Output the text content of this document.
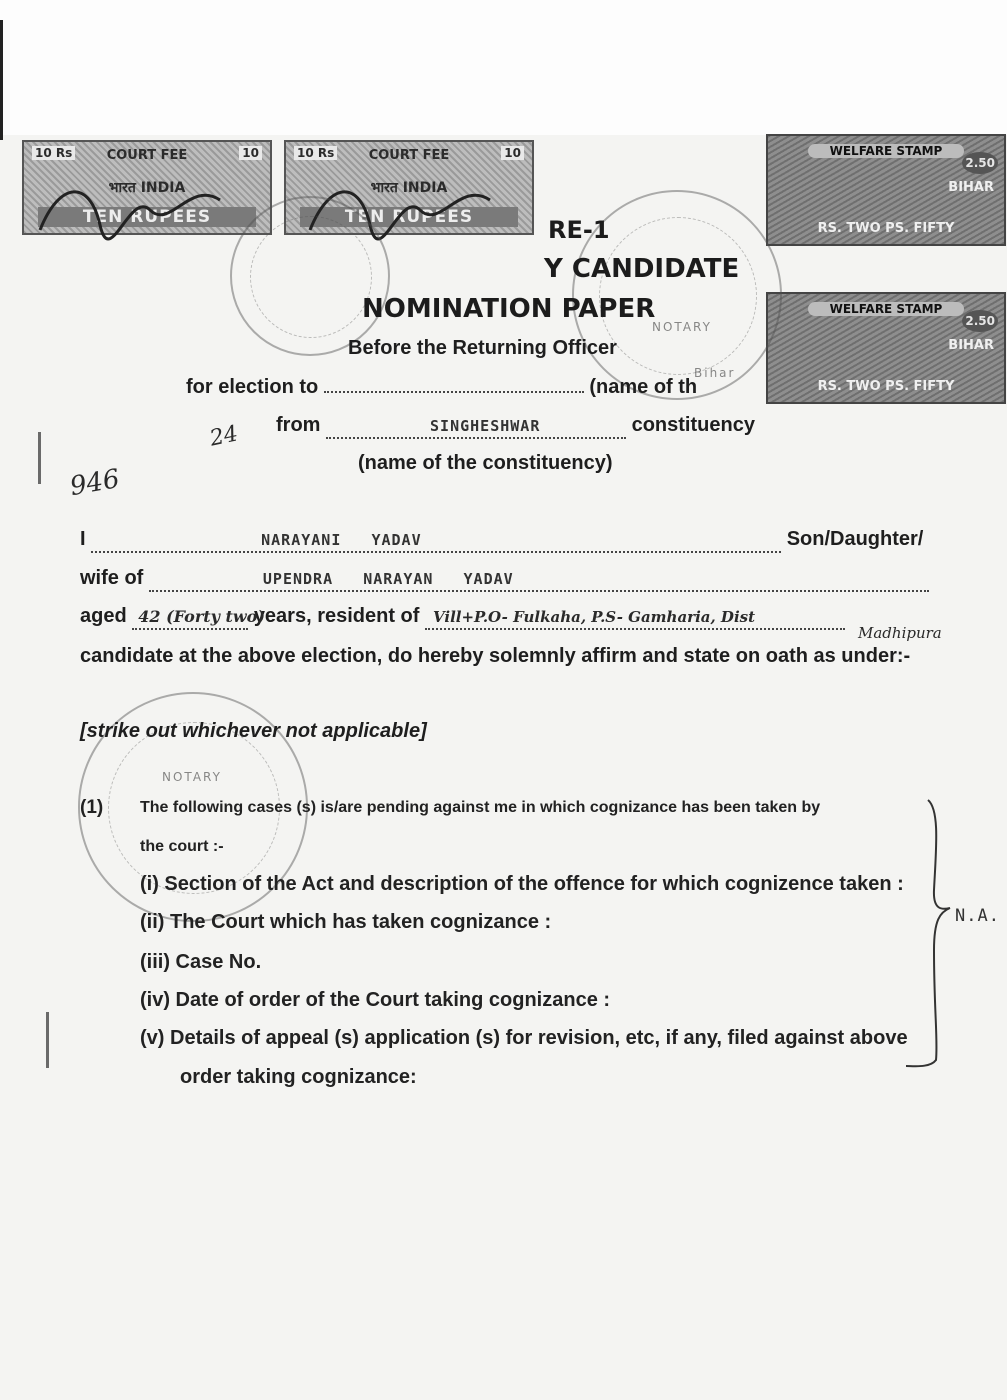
10 Rs	10
COURT FEE
भारत INDIA
TEN RUPEES
10 Rs	10
COURT FEE
भारत INDIA
TEN RUPEES
WELFARE STAMP
2.50
BIHAR
RS. TWO PS. FIFTY
WELFARE STAMP
2.50
BIHAR
RS. TWO PS. FIFTY
NOTARY
Bihar
NOTARY
RE-1
Y CANDIDATE
NOMINATION PAPER
Before the Returning Officer
for election to	(name of th
from	SINGHESHWAR	constituency
(name of the constituency)
946
24
I	NARAYANI   YADAV	Son/Daughter/
wife of	UPENDRA   NARAYAN   YADAV

aged 42 (Forty two)
years, resident of Vill+P.O- Fulkaha, P.S- Gamharia, Dist

Madhipura
candidate at the above election, do hereby solemnly affirm and state on oath as under:-
[strike out whichever not applicable]
(1) The following cases (s) is/are pending against me in which cognizance has been taken by
the court :-
(i) Section of the Act and description of the offence for which cognizence taken :
(ii) The Court which has taken cognizance :
(iii) Case No.
(iv) Date of order of the Court taking cognizance :
(v) Details of appeal (s) application (s) for revision, etc, if any, filed against above
order taking cognizance:
N.A.
